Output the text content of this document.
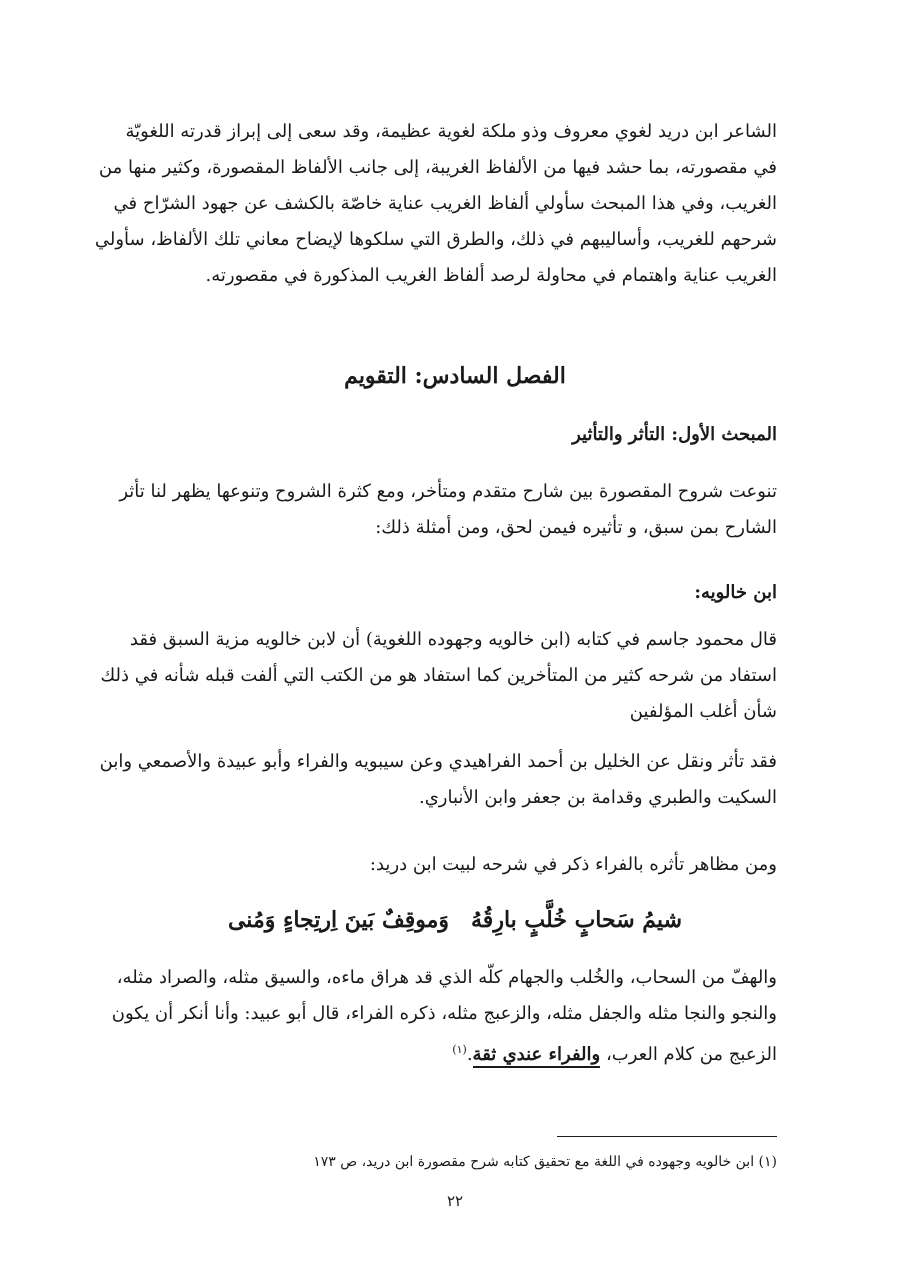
الشاعر ابن دريد لغوي معروف وذو ملكة لغوية عظيمة، وقد سعى إلى إبراز قدرته اللغويّة
في مقصورته، بما حشد فيها من الألفاظ الغريبة، إلى جانب الألفاظ المقصورة، وكثير منها من
الغريب، وفي هذا المبحث سأولي ألفاظ الغريب عناية خاصّة بالكشف عن جهود الشرّاح في
شرحهم للغريب، وأساليبهم في ذلك، والطرق التي سلكوها لإيضاح معاني تلك الألفاظ، سأولي
الغريب عناية واهتمام في محاولة لرصد ألفاظ الغريب المذكورة في مقصورته.
الفصل السادس: التقويم
المبحث الأول: التأثر والتأثير
تنوعت شروح المقصورة بين شارح متقدم ومتأخر، ومع كثرة الشروح وتنوعها يظهر لنا تأثر
الشارح بمن سبق، و تأثيره فيمن لحق، ومن أمثلة ذلك:
ابن خالويه:
قال محمود جاسم في كتابه (ابن خالويه وجهوده اللغوية) أن لابن خالويه مزية السبق فقد
استفاد من شرحه كثير من المتأخرين كما استفاد هو من الكتب التي ألفت قبله شأنه في ذلك
شأن أغلب المؤلفين
فقد تأثر ونقل عن الخليل بن أحمد الفراهيدي وعن سيبويه والفراء وأبو عبيدة والأصمعي وابن
السكيت والطبري وقدامة بن جعفر وابن الأنباري.
ومن مظاهر تأثره بالفراء ذكر في شرحه لبيت ابن دريد:
شيمُ سَحابٍ خُلَّبٍ بارِقُهُوَموقِفٌ بَينَ اِرتِجاءٍ وَمُنى
والهفّ من السحاب، والخُلب والجهام كلّه الذي قد هراق ماءه، والسيق مثله، والصراد مثله،
والنجو والنجا مثله والجفل مثله، والزعبج مثله، ذكره الفراء، قال أبو عبيد: وأنا أنكر أن يكون
الزعبج من كلام العرب، والفراء عندي ثقة.$^{(١)}$
(١) ابن خالويه وجهوده في اللغة مع تحقيق كتابه شرح مقصورة ابن دريد، ص ١٧٣
٢٢
